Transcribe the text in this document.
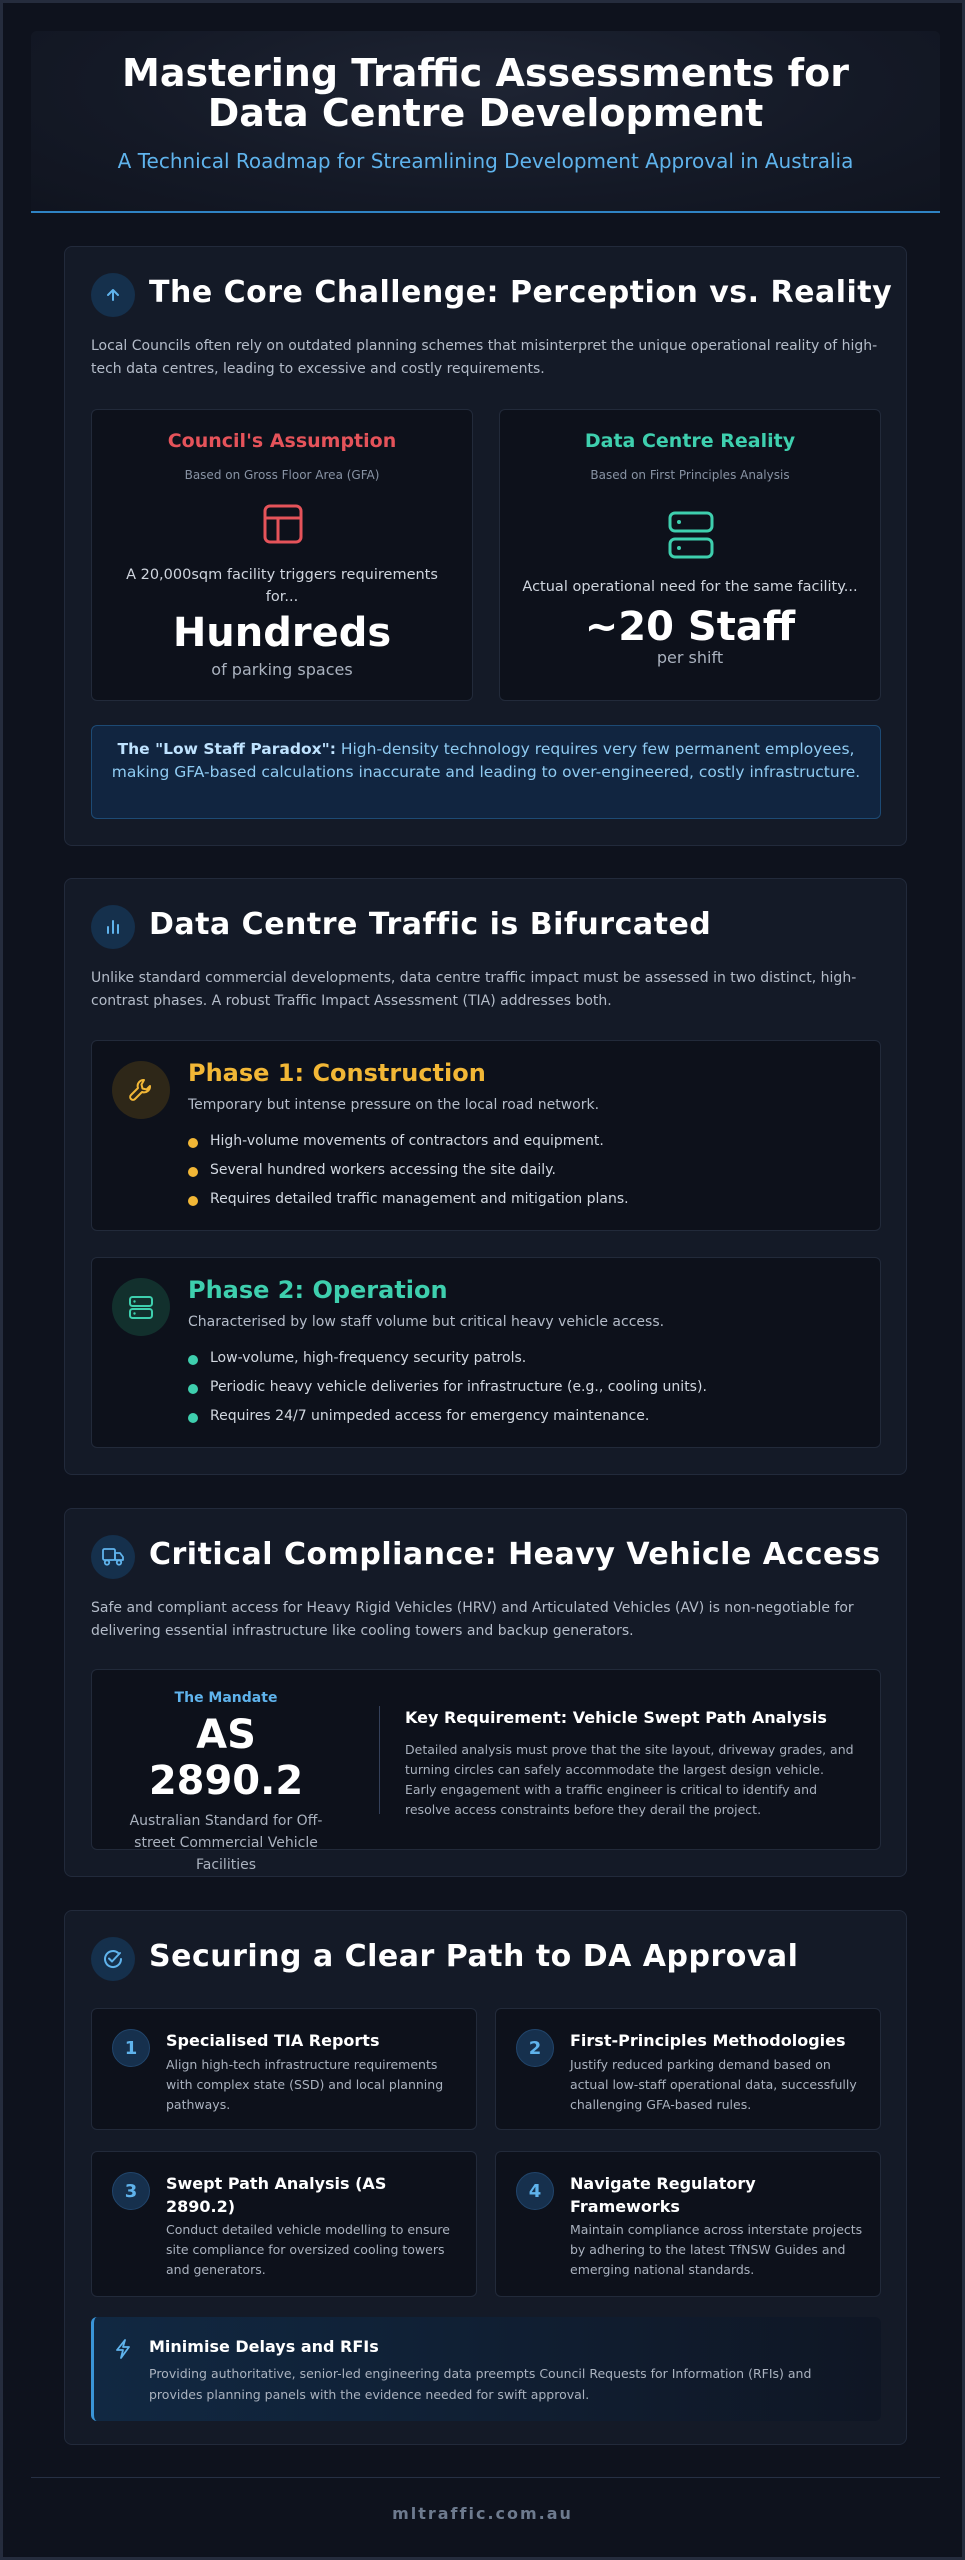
Mastering Traffic Assessments for Data Centre Development
A Technical Roadmap for Streamlining Development Approval in Australia
The Core Challenge: Perception vs. Reality
Local Councils often rely on outdated planning schemes that misinterpret the unique operational reality of high-tech data centres, leading to excessive and costly requirements.
Council's Assumption
Based on Gross Floor Area (GFA)
A 20,000sqm facility triggers requirements for...
Hundreds
of parking spaces
Data Centre Reality
Based on First Principles Analysis
Actual operational need for the same facility...
~20 Staff
per shift
The "Low Staff Paradox": High-density technology requires very few permanent employees, making GFA-based calculations inaccurate and leading to over-engineered, costly infrastructure.
Data Centre Traffic is Bifurcated
Unlike standard commercial developments, data centre traffic impact must be assessed in two distinct, high-contrast phases. A robust Traffic Impact Assessment (TIA) addresses both.
Phase 1: Construction
Temporary but intense pressure on the local road network.
High-volume movements of contractors and equipment.
Several hundred workers accessing the site daily.
Requires detailed traffic management and mitigation plans.
Phase 2: Operation
Characterised by low staff volume but critical heavy vehicle access.
Low-volume, high-frequency security patrols.
Periodic heavy vehicle deliveries for infrastructure (e.g., cooling units).
Requires 24/7 unimpeded access for emergency maintenance.
Critical Compliance: Heavy Vehicle Access
Safe and compliant access for Heavy Rigid Vehicles (HRV) and Articulated Vehicles (AV) is non-negotiable for delivering essential infrastructure like cooling towers and backup generators.
The Mandate
AS 2890.2
Australian Standard for Off-street Commercial Vehicle Facilities
Key Requirement: Vehicle Swept Path Analysis
Detailed analysis must prove that the site layout, driveway grades, and turning circles can safely accommodate the largest design vehicle. Early engagement with a traffic engineer is critical to identify and resolve access constraints before they derail the project.
Securing a Clear Path to DA Approval
1	Specialised TIA Reports
Align high-tech infrastructure requirements with complex state (SSD) and local planning pathways.
2	First-Principles Methodologies
Justify reduced parking demand based on actual low-staff operational data, successfully challenging GFA-based rules.
3	Swept Path Analysis (AS 2890.2)
Conduct detailed vehicle modelling to ensure site compliance for oversized cooling towers and generators.
4	Navigate Regulatory Frameworks
Maintain compliance across interstate projects by adhering to the latest TfNSW Guides and emerging national standards.
Minimise Delays and RFIs
Providing authoritative, senior-led engineering data preempts Council Requests for Information (RFIs) and provides planning panels with the evidence needed for swift approval.
mltraffic.com.au
